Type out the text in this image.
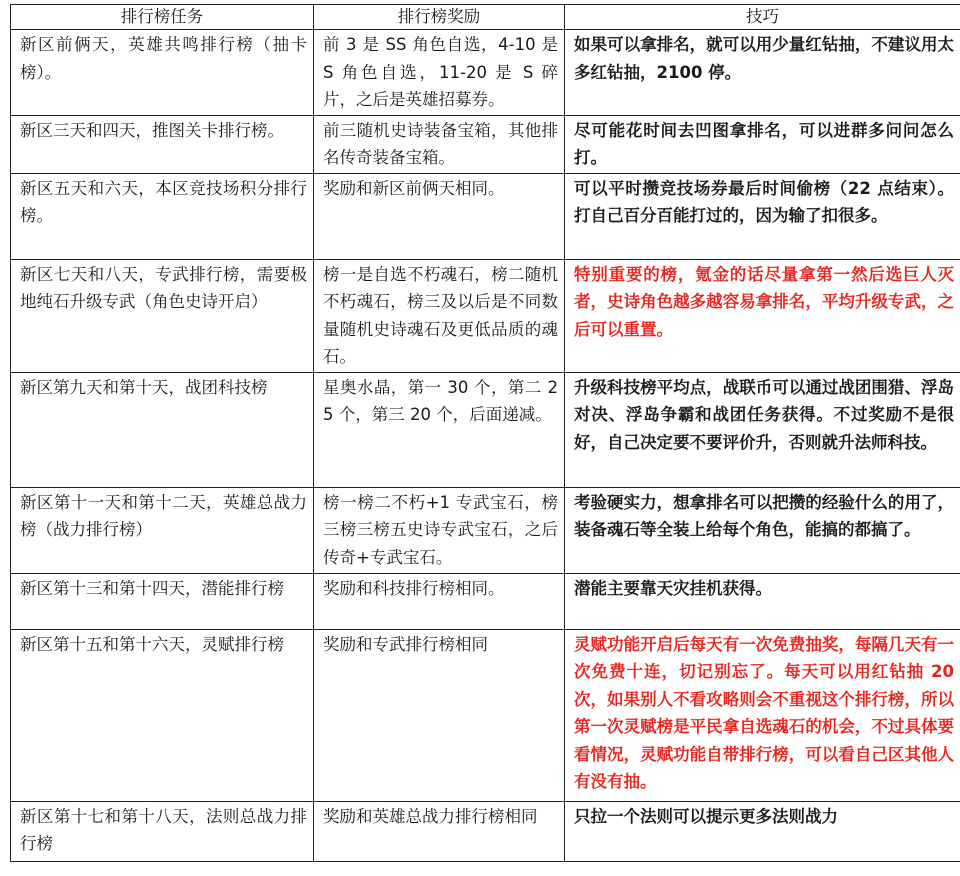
排行榜任务	排行榜奖励	技巧
新区前俩天，英雄共鸣排行榜（抽卡榜）。	前 3 是 SS 角色自选，4-10 是 S 角色自选，11-20 是 S 碎片，之后是英雄招募券。	如果可以拿排名，就可以用少量红钻抽，不建议用太多红钻抽，2100 停。
新区三天和四天，推图关卡排行榜。	前三随机史诗装备宝箱，其他排名传奇装备宝箱。	尽可能花时间去凹图拿排名，可以进群多问问怎么打。
新区五天和六天，本区竞技场积分排行榜。	奖励和新区前俩天相同。	可以平时攒竞技场券最后时间偷榜（22 点结束）。打自己百分百能打过的，因为输了扣很多。
新区七天和八天，专武排行榜，需要极地纯石升级专武（角色史诗开启）	榜一是自选不朽魂石，榜二随机不朽魂石，榜三及以后是不同数量随机史诗魂石及更低品质的魂石。	特别重要的榜，氪金的话尽量拿第一然后选巨人灭者，史诗角色越多越容易拿排名，平均升级专武，之后可以重置。
新区第九天和第十天，战团科技榜	星奥水晶，第一 30 个，第二 25 个，第三 20 个，后面递减。	升级科技榜平均点，战联币可以通过战团围猎、浮岛对决、浮岛争霸和战团任务获得。不过奖励不是很好，自己决定要不要评价升，否则就升法师科技。
新区第十一天和第十二天，英雄总战力榜（战力排行榜）	榜一榜二不朽+1 专武宝石，榜三榜三榜五史诗专武宝石，之后传奇+专武宝石。	考验硬实力，想拿排名可以把攒的经验什么的用了，装备魂石等全装上给每个角色，能搞的都搞了。
新区第十三和第十四天，潜能排行榜	奖励和科技排行榜相同。	潜能主要靠天灾挂机获得。
新区第十五和第十六天，灵赋排行榜	奖励和专武排行榜相同	灵赋功能开启后每天有一次免费抽奖，每隔几天有一次免费十连，切记别忘了。每天可以用红钻抽 20 次，如果别人不看攻略则会不重视这个排行榜，所以第一次灵赋榜是平民拿自选魂石的机会，不过具体要看情况，灵赋功能自带排行榜，可以看自己区其他人有没有抽。
新区第十七和第十八天，法则总战力排行榜	奖励和英雄总战力排行榜相同	只拉一个法则可以提示更多法则战力
